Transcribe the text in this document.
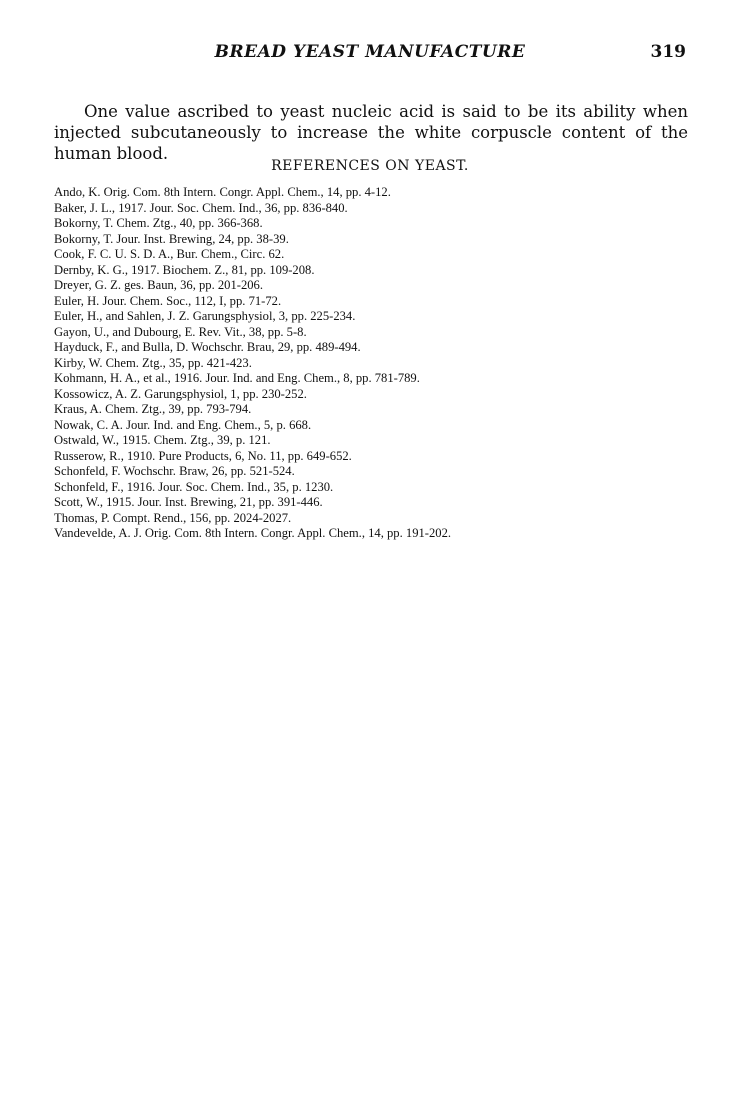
BREAD YEAST MANUFACTURE	319

One value ascribed to yeast nucleic acid is said to be its ability when injected subcutaneously to increase the white corpuscle content of the human blood.

REFERENCES ON YEAST.
Ando, K. Orig. Com. 8th Intern. Congr. Appl. Chem., 14, pp. 4-12.
Baker, J. L., 1917. Jour. Soc. Chem. Ind., 36, pp. 836-840.
Bokorny, T. Chem. Ztg., 40, pp. 366-368.
Bokorny, T. Jour. Inst. Brewing, 24, pp. 38-39.
Cook, F. C. U. S. D. A., Bur. Chem., Circ. 62.
Dernby, K. G., 1917. Biochem. Z., 81, pp. 109-208.
Dreyer, G. Z. ges. Baun, 36, pp. 201-206.
Euler, H. Jour. Chem. Soc., 112, I, pp. 71-72.
Euler, H., and Sahlen, J. Z. Garungsphysiol, 3, pp. 225-234.
Gayon, U., and Dubourg, E. Rev. Vit., 38, pp. 5-8.
Hayduck, F., and Bulla, D. Wochschr. Brau, 29, pp. 489-494.
Kirby, W. Chem. Ztg., 35, pp. 421-423.
Kohmann, H. A., et al., 1916. Jour. Ind. and Eng. Chem., 8, pp. 781-789.
Kossowicz, A. Z. Garungsphysiol, 1, pp. 230-252.
Kraus, A. Chem. Ztg., 39, pp. 793-794.
Nowak, C. A. Jour. Ind. and Eng. Chem., 5, p. 668.
Ostwald, W., 1915. Chem. Ztg., 39, p. 121.
Russerow, R., 1910. Pure Products, 6, No. 11, pp. 649-652.
Schonfeld, F. Wochschr. Braw, 26, pp. 521-524.
Schonfeld, F., 1916. Jour. Soc. Chem. Ind., 35, p. 1230.
Scott, W., 1915. Jour. Inst. Brewing, 21, pp. 391-446.
Thomas, P. Compt. Rend., 156, pp. 2024-2027.
Vandevelde, A. J. Orig. Com. 8th Intern. Congr. Appl. Chem., 14, pp. 191-202.
